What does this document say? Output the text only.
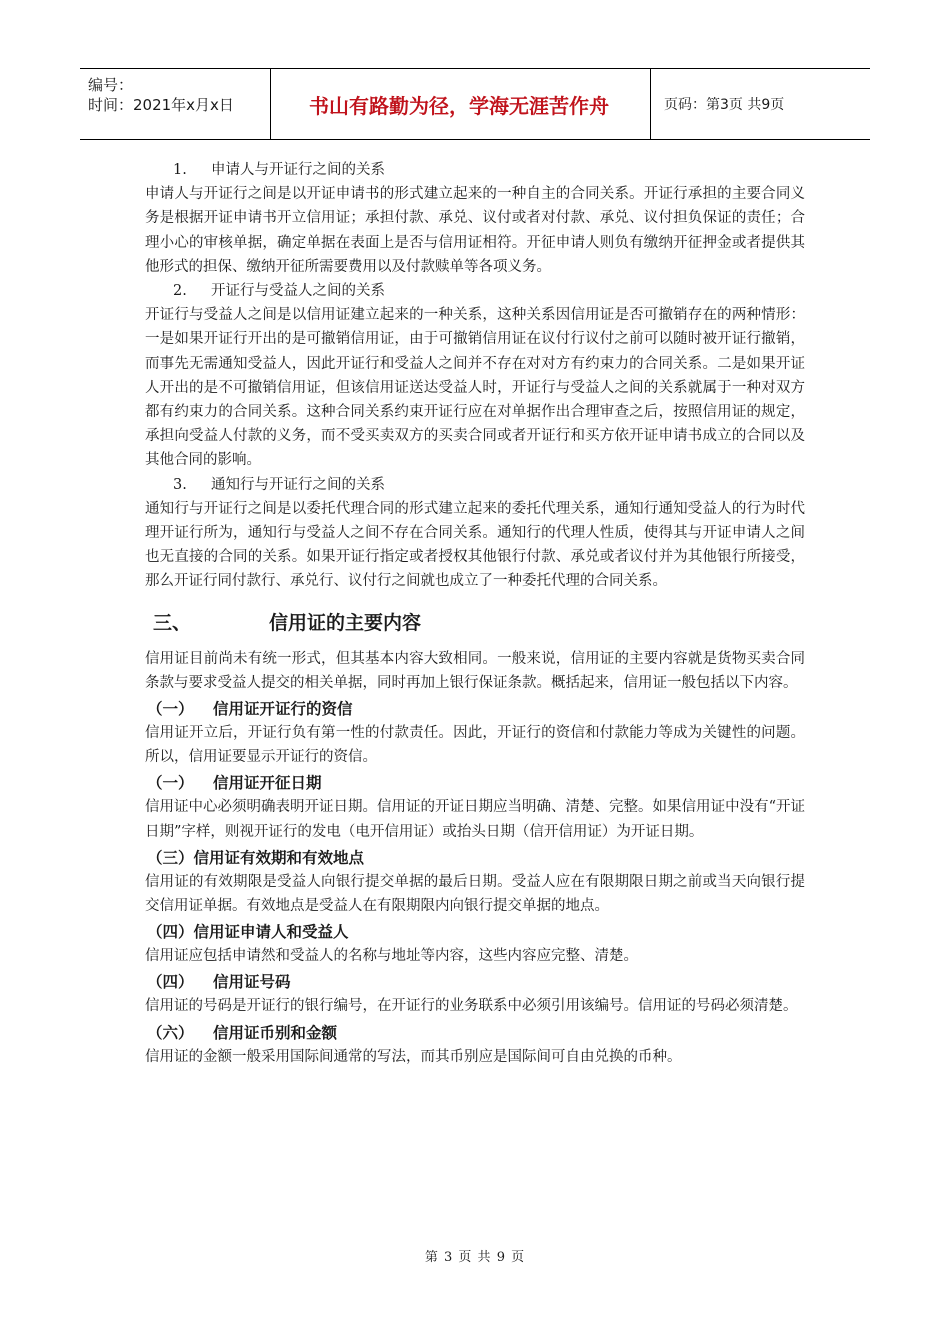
编号：
时间：2021年x月x日	书山有路勤为径，学海无涯苦作舟	页码：第3页 共9页

1. 申请人与开证行之间的关系

申请人与开证行之间是以开证申请书的形式建立起来的一种自主的合同关系。开证行承担的主要合同义务是根据开证申请书开立信用证；承担付款、承兑、议付或者对付款、承兑、议付担负保证的责任；合理小心的审核单据，确定单据在表面上是否与信用证相符。开征申请人则负有缴纳开征押金或者提供其他形式的担保、缴纳开征所需要费用以及付款赎单等各项义务。

2. 开证行与受益人之间的关系

开证行与受益人之间是以信用证建立起来的一种关系，这种关系因信用证是否可撤销存在的两种情形：一是如果开证行开出的是可撤销信用证，由于可撤销信用证在议付行议付之前可以随时被开证行撤销，而事先无需通知受益人，因此开证行和受益人之间并不存在对对方有约束力的合同关系。二是如果开证人开出的是不可撤销信用证，但该信用证送达受益人时，开证行与受益人之间的关系就属于一种对双方都有约束力的合同关系。这种合同关系约束开证行应在对单据作出合理审查之后，按照信用证的规定，承担向受益人付款的义务，而不受买卖双方的买卖合同或者开证行和买方依开证申请书成立的合同以及其他合同的影响。

3. 通知行与开证行之间的关系

通知行与开证行之间是以委托代理合同的形式建立起来的委托代理关系，通知行通知受益人的行为时代理开证行所为，通知行与受益人之间不存在合同关系。通知行的代理人性质，使得其与开证申请人之间也无直接的合同的关系。如果开证行指定或者授权其他银行付款、承兑或者议付并为其他银行所接受，那么开证行同付款行、承兑行、议付行之间就也成立了一种委托代理的合同关系。

三、	信用证的主要内容

信用证目前尚未有统一形式，但其基本内容大致相同。一般来说，信用证的主要内容就是货物买卖合同条款与要求受益人提交的相关单据，同时再加上银行保证条款。概括起来，信用证一般包括以下内容。

（一） 信用证开证行的资信

信用证开立后，开证行负有第一性的付款责任。因此，开证行的资信和付款能力等成为关键性的问题。所以，信用证要显示开证行的资信。

（一） 信用证开征日期

信用证中心必须明确表明开证日期。信用证的开证日期应当明确、清楚、完整。如果信用证中没有“开证日期”字样，则视开证行的发电（电开信用证）或抬头日期（信开信用证）为开证日期。

（三）信用证有效期和有效地点

信用证的有效期限是受益人向银行提交单据的最后日期。受益人应在有限期限日期之前或当天向银行提交信用证单据。有效地点是受益人在有限期限内向银行提交单据的地点。

（四）信用证申请人和受益人

信用证应包括申请然和受益人的名称与地址等内容，这些内容应完整、清楚。

（四） 信用证号码

信用证的号码是开证行的银行编号，在开证行的业务联系中必须引用该编号。信用证的号码必须清楚。

（六） 信用证币别和金额

信用证的金额一般采用国际间通常的写法，而其币别应是国际间可自由兑换的币种。

第 3 页 共 9 页
